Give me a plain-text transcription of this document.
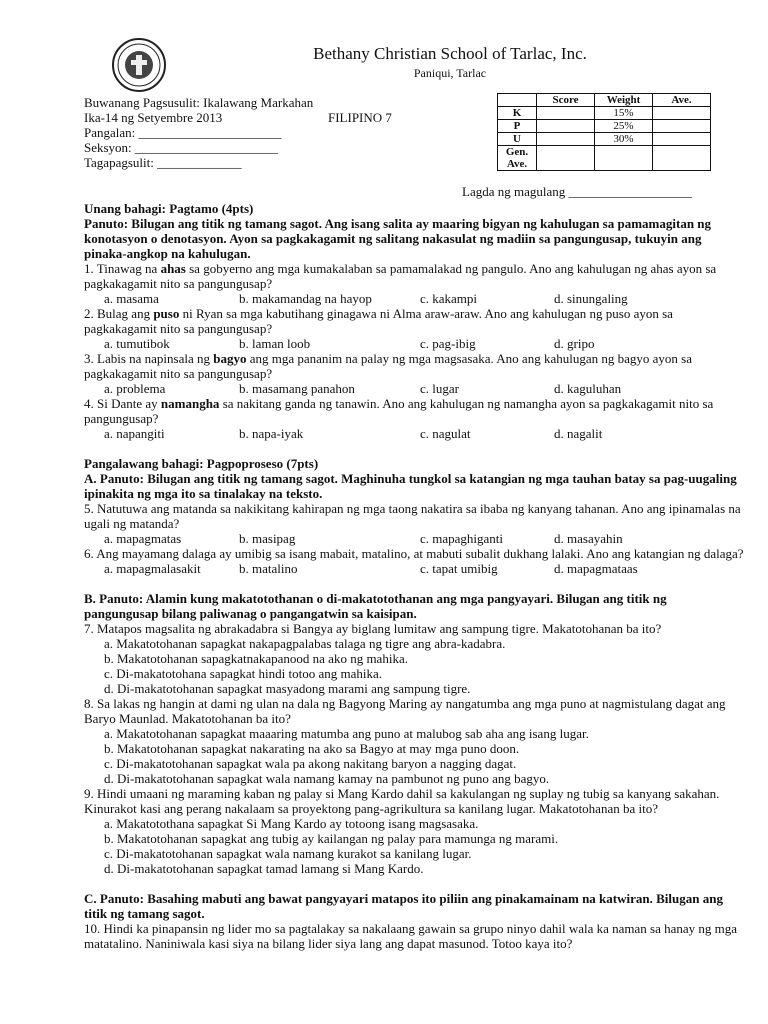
Bethany Christian School of Tarlac, Inc.
Paniqui, Tarlac
Buwanang Pagsusulit: Ikalawang Markahan
Ika-14 ng Setyembre 2013
Pangalan: ______________________
Seksyon: ______________________
Tagapagsulit: _____________
FILIPINO 7
	Score	Weight	Ave.
K		15%	
P		25%	
U		30%	
Gen. Ave.			
Lagda ng magulang ___________________

Unang bahagi: Pagtamo (4pts)

Panuto: Bilugan ang titik ng tamang sagot. Ang isang salita ay maaring bigyan ng kahulugan sa pamamagitan ng konotasyon o denotasyon. Ayon sa pagkakagamit ng salitang nakasulat ng madiin sa pangungusap, tukuyin ang pinaka-angkop na kahulugan.

1. Tinawag na ahas sa gobyerno ang mga kumakalaban sa pamamalakad ng pangulo. Ano ang kahulugan ng ahas ayon sa pagkakagamit nito sa pangungusap?

a. masama	b. makamandag na hayop	c. kakampi	d. sinungaling

2. Bulag ang puso ni Ryan sa mga kabutihang ginagawa ni Alma araw-araw. Ano ang kahulugan ng puso ayon sa pagkakagamit nito sa pangungusap?

a. tumutibok	b. laman loob	c. pag-ibig	d. gripo

3. Labis na napinsala ng bagyo ang mga pananim na palay ng mga magsasaka. Ano ang kahulugan ng bagyo ayon sa pagkakagamit nito sa pangungusap?

a. problema	b. masamang panahon	c. lugar	d. kaguluhan

4. Si Dante ay namangha sa nakitang ganda ng tanawin. Ano ang kahulugan ng namangha ayon sa pagkakagamit nito sa pangungusap?

a. napangiti	b. napa-iyak	c. nagulat	d. nagalit

Pangalawang bahagi: Pagpoproseso (7pts)

A. Panuto: Bilugan ang titik ng tamang sagot. Maghinuha tungkol sa katangian ng mga tauhan batay sa pag-uugaling ipinakita ng mga ito sa tinalakay na teksto.

5. Natutuwa ang matanda sa nakikitang kahirapan ng mga taong nakatira sa ibaba ng kanyang tahanan. Ano ang ipinamalas na ugali ng matanda?

a. mapagmatas	b. masipag	c. mapaghiganti	d. masayahin

6. Ang mayamang dalaga ay umibig sa isang mabait, matalino, at mabuti subalit dukhang lalaki. Ano ang katangian ng dalaga?

a. mapagmalasakit	b. matalino	c. tapat umibig	d. mapagmataas

B. Panuto: Alamin kung makatotothanan o di-makatotothanan ang mga pangyayari. Bilugan ang titik ng pangungusap bilang paliwanag o pangangatwin sa kaisipan.

7. Matapos magsalita ng abrakadabra si Bangya ay biglang lumitaw ang sampung tigre. Makatotohanan ba ito?

a. Makatotohanan sapagkat nakapagpalabas talaga ng tigre ang abra-kadabra.

b. Makatotohanan sapagkatnakapanood na ako ng mahika.

c. Di-makatotohana sapagkat hindi totoo ang mahika.

d. Di-makatotohanan sapagkat masyadong marami ang sampung tigre.

8. Sa lakas ng hangin at dami ng ulan na dala ng Bagyong Maring ay nangatumba ang mga puno at nagmistulang dagat ang Baryo Maunlad. Makatotohanan ba ito?

a. Makatotohanan sapagkat maaaring matumba ang puno at malubog sab aha ang isang lugar.

b. Makatotohanan sapagkat nakarating na ako sa Bagyo at may mga puno doon.

c. Di-makatotohanan sapagkat wala pa akong nakitang baryon a nagging dagat.

d. Di-makatotohanan sapagkat wala namang kamay na pambunot ng puno ang bagyo.

9. Hindi umaani ng maraming kaban ng palay si Mang Kardo dahil sa kakulangan ng suplay ng tubig sa kanyang sakahan. Kinurakot kasi ang perang nakalaam sa proyektong pang-agrikultura sa kanilang lugar. Makatotohanan ba ito?

a. Makatotothana sapagkat Si Mang Kardo ay totoong isang magsasaka.

b. Makatotohanan sapagkat ang tubig ay kailangan ng palay para mamunga ng marami.

c. Di-makatotohanan sapagkat wala namang kurakot sa kanilang lugar.

d. Di-makatotohanan sapagkat tamad lamang si Mang Kardo.

C. Panuto: Basahing mabuti ang bawat pangyayari matapos ito piliin ang pinakamainam na katwiran. Bilugan ang titik ng tamang sagot.

10. Hindi ka pinapansin ng lider mo sa pagtalakay sa nakalaang gawain sa grupo ninyo dahil wala ka naman sa hanay ng mga matatalino. Naniniwala kasi siya na bilang lider siya lang ang dapat masunod. Totoo kaya ito?
